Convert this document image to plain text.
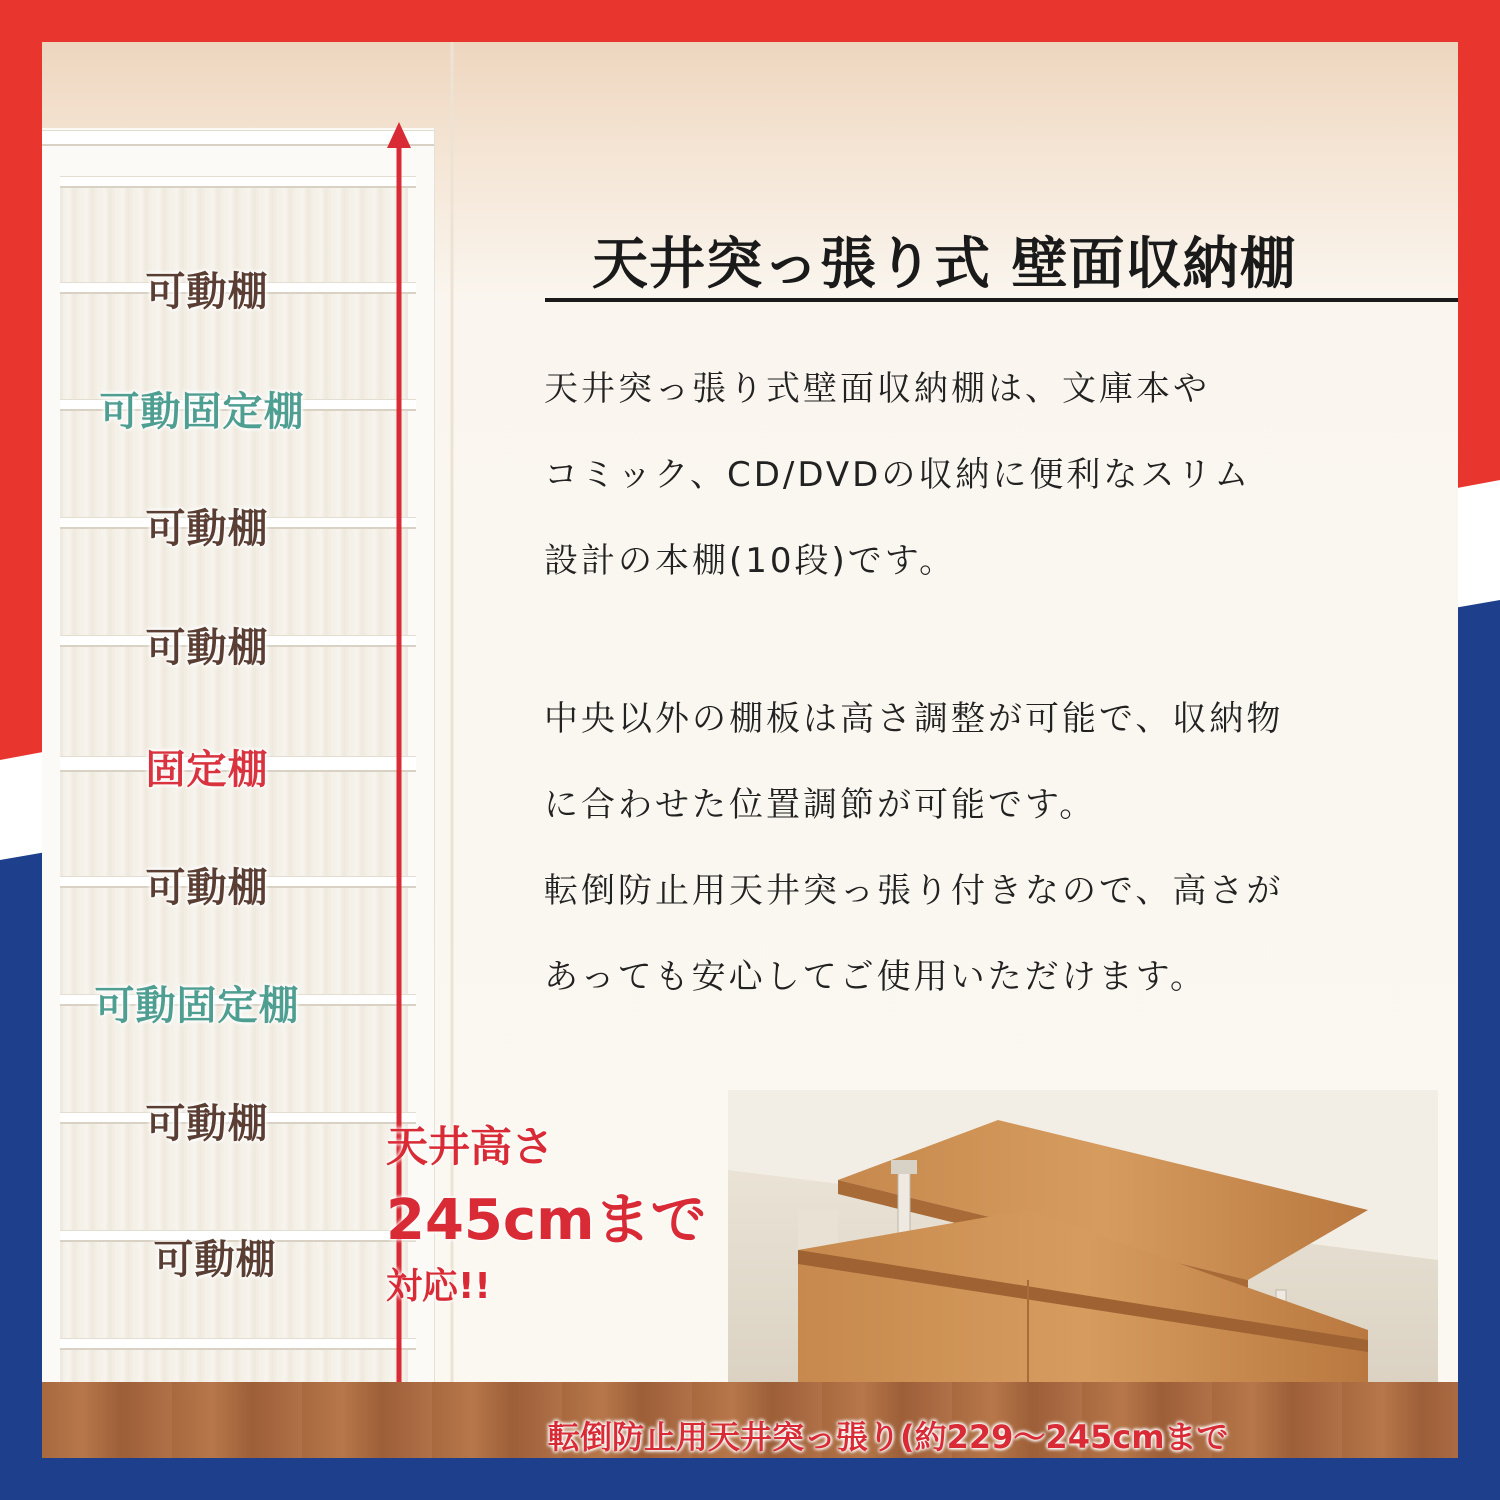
可動棚
可動固定棚
可動棚
可動棚
固定棚
可動棚
可動固定棚
可動棚
可動棚
天井突っ張り式 壁面収納棚
天井突っ張り式壁面収納棚は、文庫本や
コミック、CD/DVDの収納に便利なスリム
設計の本棚(10段)です。
中央以外の棚板は高さ調整が可能で、収納物
に合わせた位置調節が可能です。
転倒防止用天井突っ張り付きなので、高さが
あっても安心してご使用いただけます。
天井高さ
245cmまで
対応!!
転倒防止用天井突っ張り(約229〜245cmまで
